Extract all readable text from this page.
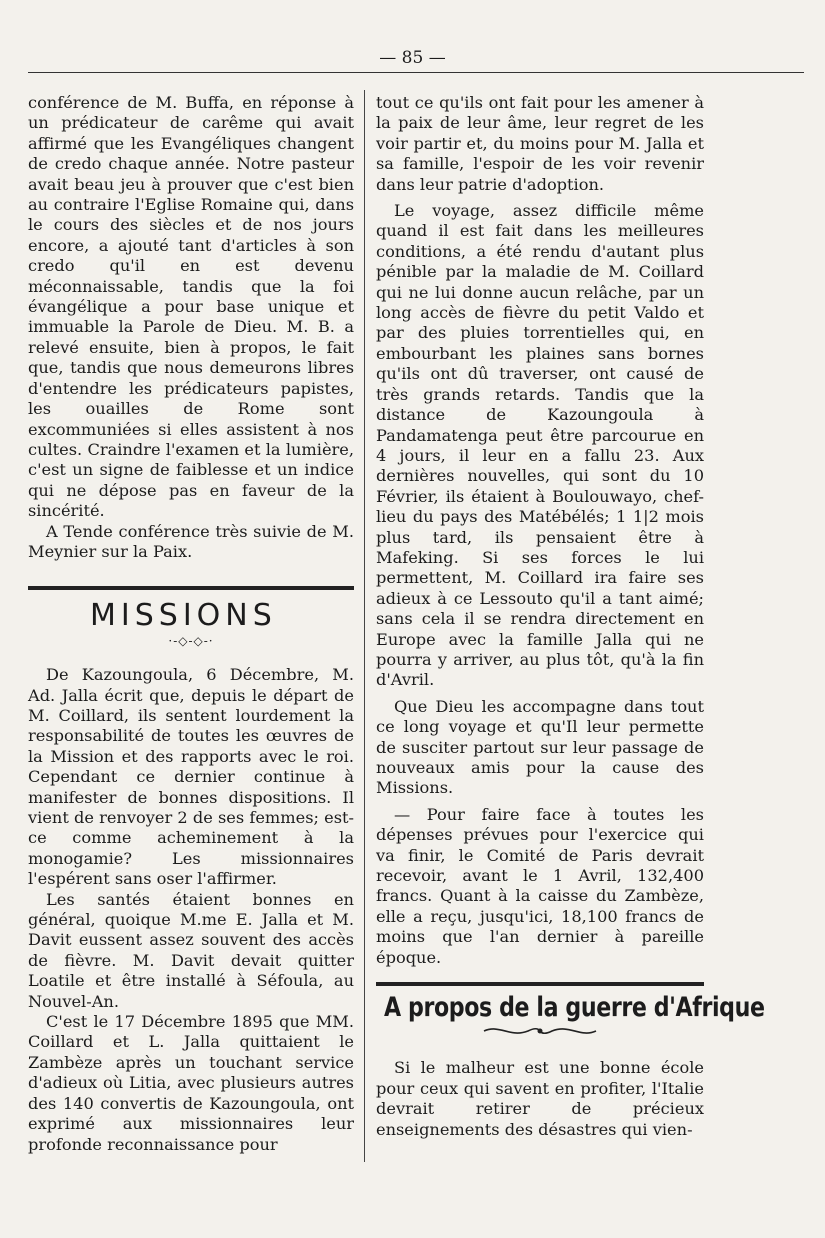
— 85 —

conférence de M. Buffa, en réponse à un prédicateur de carême qui avait affirmé que les Evangéliques changent de credo chaque année. Notre pasteur avait beau jeu à prouver que c'est bien au contraire l'Eglise Romaine qui, dans le cours des siècles et de nos jours encore, a ajouté tant d'articles à son credo qu'il en est devenu méconnaissable, tandis que la foi évangélique a pour base unique et immuable la Parole de Dieu. M. B. a relevé ensuite, bien à propos, le fait que, tandis que nous demeurons libres d'entendre les prédicateurs papistes, les ouailles de Rome sont excommuniées si elles assistent à nos cultes. Craindre l'examen et la lumière, c'est un signe de faiblesse et un indice qui ne dépose pas en faveur de la sincérité.

A Tende conférence très suivie de M. Meynier sur la Paix.

MISSIONS
·-◇-◇-·

De Kazoungoula, 6 Décembre, M. Ad. Jalla écrit que, depuis le départ de M. Coillard, ils sentent lourdement la responsabilité de toutes les œuvres de la Mission et des rapports avec le roi. Cependant ce dernier continue à manifester de bonnes dispositions. Il vient de renvoyer 2 de ses femmes; est-ce comme acheminement à la monogamie? Les missionnaires l'espérent sans oser l'affirmer.

Les santés étaient bonnes en général, quoique M.me E. Jalla et M. Davit eussent assez souvent des accès de fièvre. M. Davit devait quitter Loatile et être installé à Séfoula, au Nouvel-An.

C'est le 17 Décembre 1895 que MM. Coillard et L. Jalla quittaient le Zambèze après un touchant service d'adieux où Litia, avec plusieurs autres des 140 convertis de Kazoungoula, ont exprimé aux missionnaires leur profonde reconnaissance pour

tout ce qu'ils ont fait pour les amener à la paix de leur âme, leur regret de les voir partir et, du moins pour M. Jalla et sa famille, l'espoir de les voir revenir dans leur patrie d'adoption.

Le voyage, assez difficile même quand il est fait dans les meilleures conditions, a été rendu d'autant plus pénible par la maladie de M. Coillard qui ne lui donne aucun relâche, par un long accès de fièvre du petit Valdo et par des pluies torrentielles qui, en embourbant les plaines sans bornes qu'ils ont dû traverser, ont causé de très grands retards. Tandis que la distance de Kazoungoula à Pandamatenga peut être parcourue en 4 jours, il leur en a fallu 23. Aux dernières nouvelles, qui sont du 10 Février, ils étaient à Boulouwayo, chef-lieu du pays des Matébélés; 1 1|2 mois plus tard, ils pensaient être à Mafeking. Si ses forces le lui permettent, M. Coillard ira faire ses adieux à ce Lessouto qu'il a tant aimé; sans cela il se rendra directement en Europe avec la famille Jalla qui ne pourra y arriver, au plus tôt, qu'à la fin d'Avril.

Que Dieu les accompagne dans tout ce long voyage et qu'Il leur permette de susciter partout sur leur passage de nouveaux amis pour la cause des Missions.

— Pour faire face à toutes les dépenses prévues pour l'exercice qui va finir, le Comité de Paris devrait recevoir, avant le 1 Avril, 132,400 francs. Quant à la caisse du Zambèze, elle a reçu, jusqu'ici, 18,100 francs de moins que l'an dernier à pareille époque.

A propos de la guerre d'Afrique

Si le malheur est une bonne école pour ceux qui savent en profiter, l'Italie devrait retirer de précieux enseignements des désastres qui vien-
